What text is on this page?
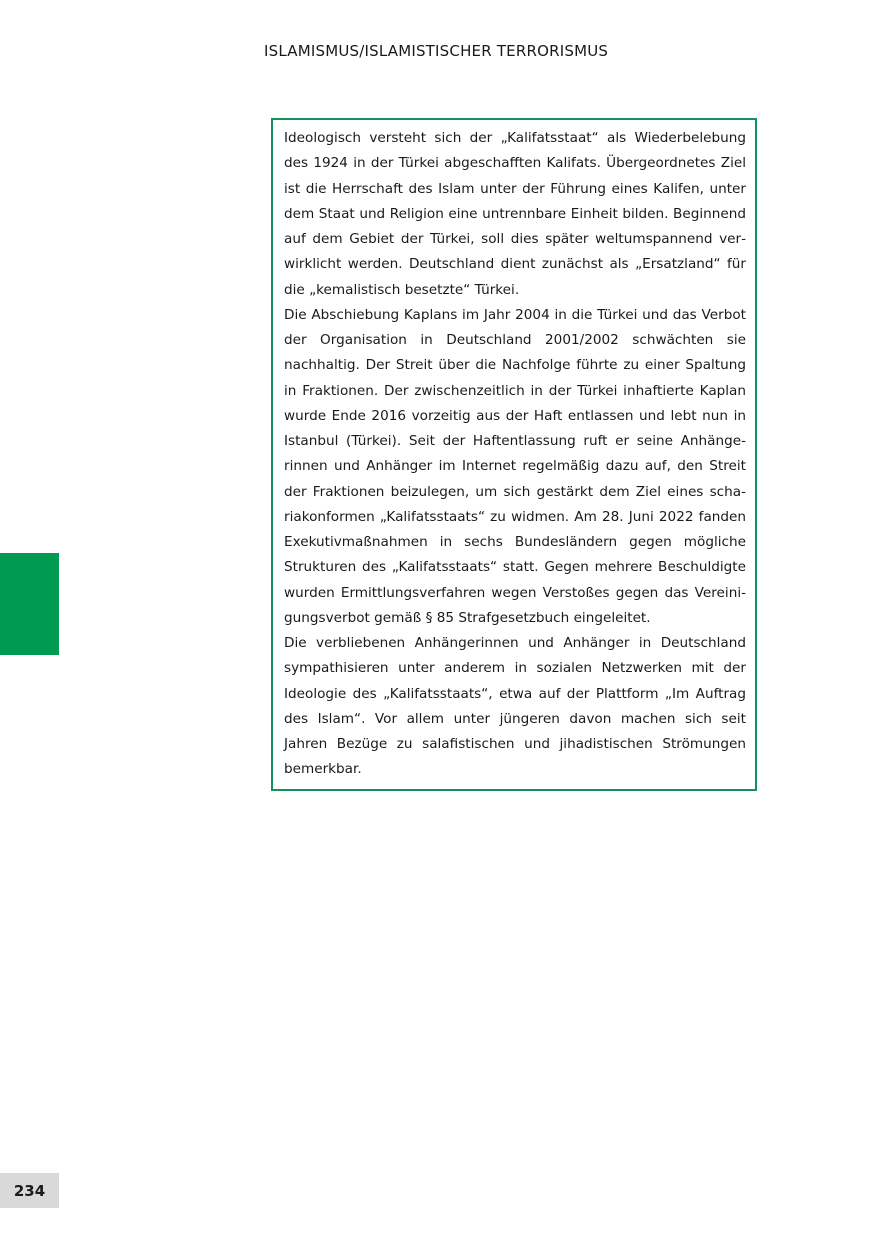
ISLAMISMUS/ISLAMISTISCHER TERRORISMUS

Ideologisch versteht sich der „Kalifatsstaat“ als Wiederbelebung des 1924 in der Türkei abgeschafften Kalifats. Übergeordnetes Ziel ist die Herrschaft des Islam unter der Führung eines Kalifen, unter dem Staat und Religion eine untrennbare Einheit bilden. Beginnend auf dem Gebiet der Türkei, soll dies später weltumspannend verwirklicht werden. Deutschland dient zunächst als „Ersatzland“ für die „kemalistisch besetzte“ Türkei.

Die Abschiebung Kaplans im Jahr 2004 in die Türkei und das Verbot der Organisation in Deutschland 2001/2002 schwächten sie nachhaltig. Der Streit über die Nachfolge führte zu einer Spaltung in Fraktionen. Der zwischenzeitlich in der Türkei inhaftierte Kaplan wurde Ende 2016 vorzeitig aus der Haft entlassen und lebt nun in Istanbul (Türkei). Seit der Haftentlassung ruft er seine Anhängerinnen und Anhänger im Internet regelmäßig dazu auf, den Streit der Fraktionen beizulegen, um sich gestärkt dem Ziel eines schariakonformen „Kalifatsstaats“ zu widmen. Am 28. Juni 2022 fanden Exekutivmaßnahmen in sechs Bundesländern gegen mögliche Strukturen des „Kalifatsstaats“ statt. Gegen mehrere Beschuldigte wurden Ermittlungsverfahren wegen Verstoßes gegen das Vereinigungsverbot gemäß § 85 Strafgesetzbuch eingeleitet.

Die verbliebenen Anhängerinnen und Anhänger in Deutschland sympathisieren unter anderem in sozialen Netzwerken mit der Ideologie des „Kalifatsstaats“, etwa auf der Plattform „Im Auftrag des Islam“. Vor allem unter jüngeren davon machen sich seit Jahren Bezüge zu salafistischen und jihadistischen Strömungen bemerkbar.

234
